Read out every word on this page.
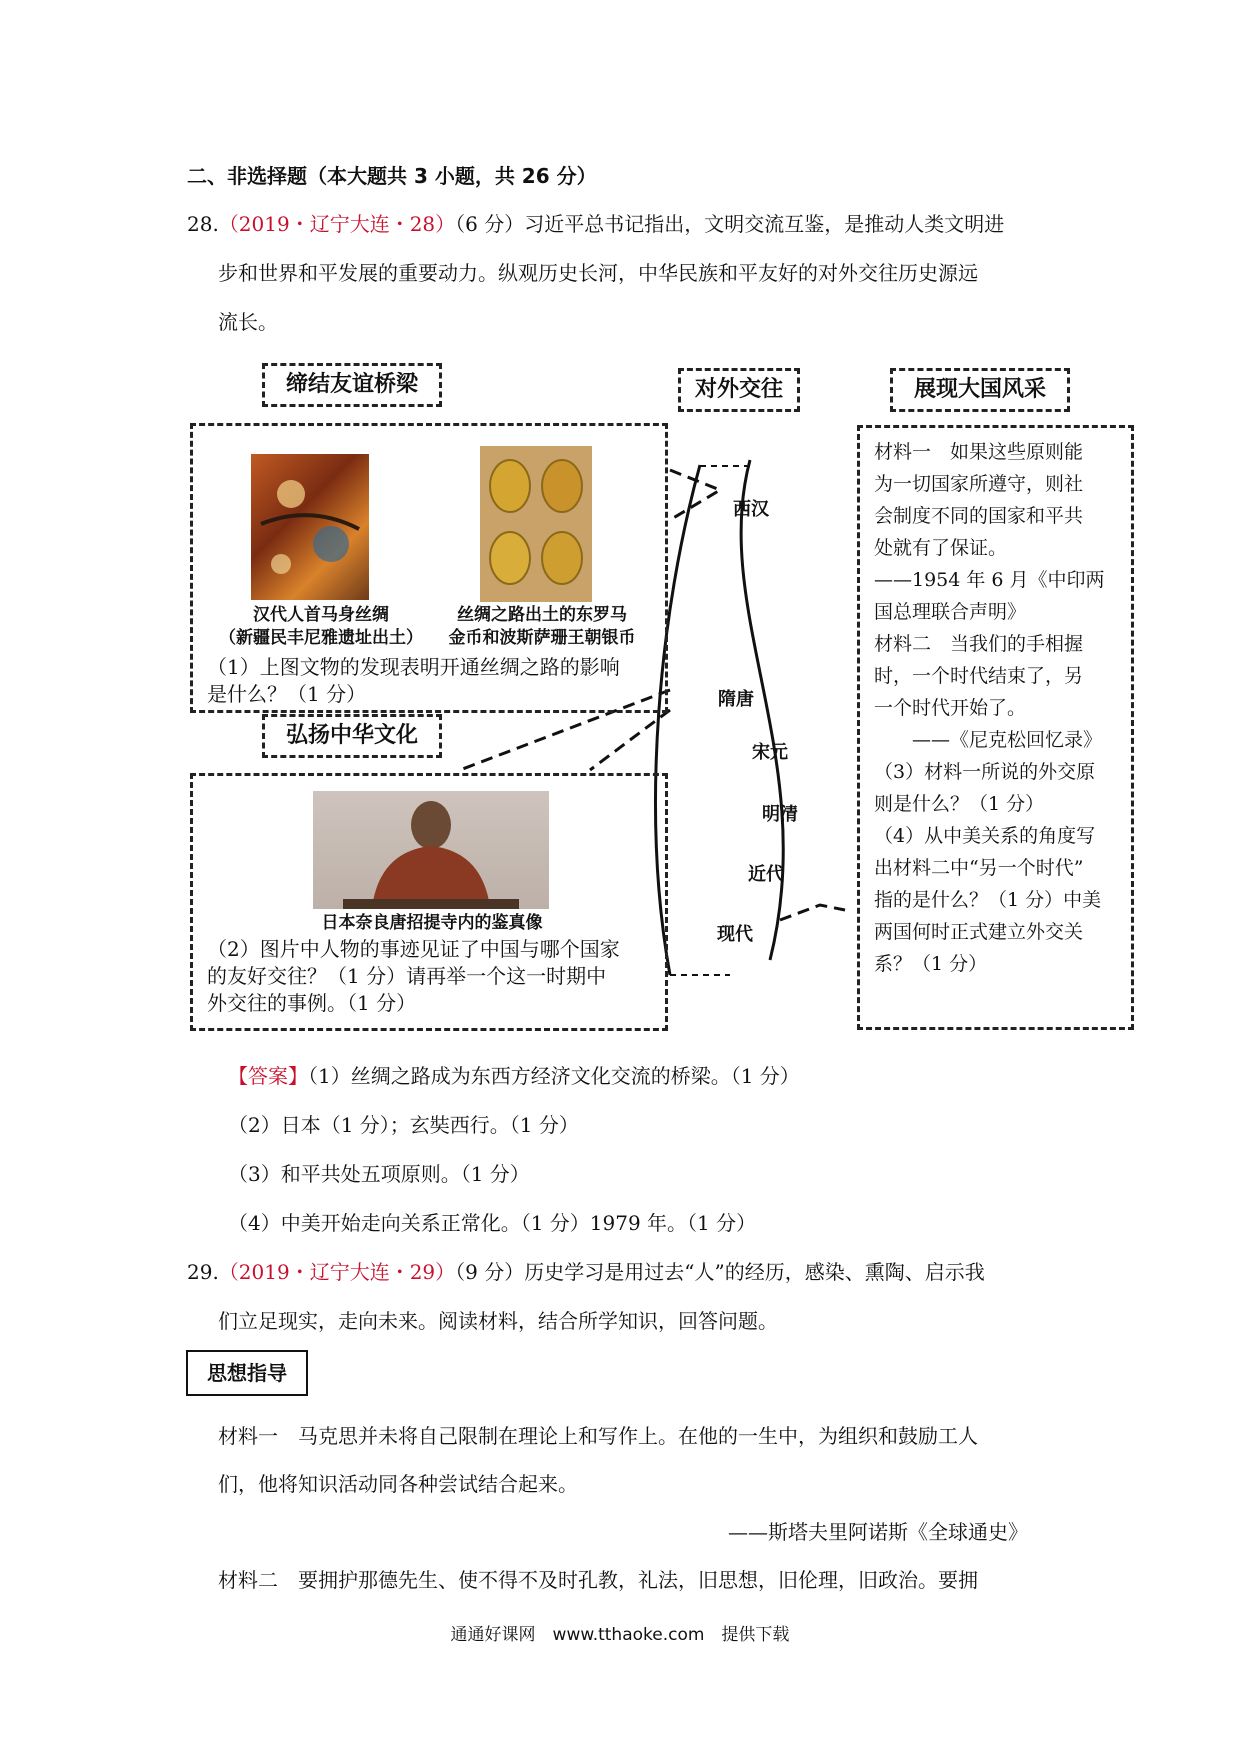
二、非选择题（本大题共 3 小题，共 26 分）
28.（2019・辽宁大连・28）（6 分）习近平总书记指出，文明交流互鉴，是推动人类文明进
步和世界和平发展的重要动力。纵观历史长河，中华民族和平友好的对外交往历史源远
流长。
缔结友谊桥梁	对外交往	展现大国风采
弘扬中华文化
汉代人首马身丝绸
（新疆民丰尼雅遗址出土）
丝绸之路出土的东罗马
金币和波斯萨珊王朝银币
（1）上图文物的发现表明开通丝绸之路的影响
是什么？（1 分）
日本奈良唐招提寺内的鉴真像
（2）图片中人物的事迹见证了中国与哪个国家
的友好交往？（1 分）请再举一个这一时期中
外交往的事例。（1 分）
西汉
隋唐
宋元
明清
近代
现代
材料一　如果这些原则能
为一切国家所遵守，则社
会制度不同的国家和平共
处就有了保证。
——1954 年 6 月《中印两
国总理联合声明》
材料二　当我们的手相握
时，一个时代结束了，另
一个时代开始了。
　　——《尼克松回忆录》
（3）材料一所说的外交原
则是什么？（1 分）
（4）从中美关系的角度写
出材料二中“另一个时代”
指的是什么？（1 分）中美
两国何时正式建立外交关
系？（1 分）
【答案】（1）丝绸之路成为东西方经济文化交流的桥梁。（1 分）
（2）日本（1 分）；玄奘西行。（1 分）
（3）和平共处五项原则。（1 分）
（4）中美开始走向关系正常化。（1 分）1979 年。（1 分）
29.（2019・辽宁大连・29）（9 分）历史学习是用过去“人”的经历，感染、熏陶、启示我
们立足现实，走向未来。阅读材料，结合所学知识，回答问题。
思想指导
材料一　马克思并未将自己限制在理论上和写作上。在他的一生中，为组织和鼓励工人
们，他将知识活动同各种尝试结合起来。
——斯塔夫里阿诺斯《全球通史》
材料二　要拥护那德先生、使不得不及时孔教，礼法，旧思想，旧伦理，旧政治。要拥
通通好课网　www.tthaoke.com　提供下载
